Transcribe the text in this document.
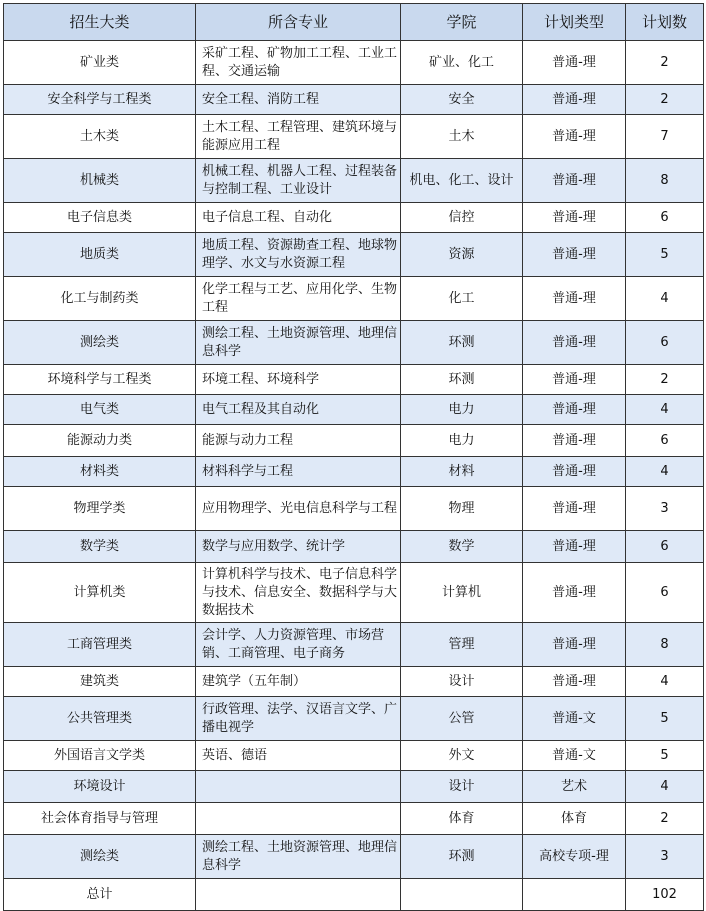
招生大类	所含专业	学院	计划类型	计划数
矿业类	采矿工程、矿物加工工程、工业工程、交通运输	矿业、化工	普通-理	2
安全科学与工程类	安全工程、消防工程	安全	普通-理	2
土木类	土木工程、工程管理、建筑环境与能源应用工程	土木	普通-理	7
机械类	机械工程、机器人工程、过程装备与控制工程、工业设计	机电、化工、设计	普通-理	8
电子信息类	电子信息工程、自动化	信控	普通-理	6
地质类	地质工程、资源勘查工程、地球物理学、水文与水资源工程	资源	普通-理	5
化工与制药类	化学工程与工艺、应用化学、生物工程	化工	普通-理	4
测绘类	测绘工程、土地资源管理、地理信息科学	环测	普通-理	6
环境科学与工程类	环境工程、环境科学	环测	普通-理	2
电气类	电气工程及其自动化	电力	普通-理	4
能源动力类	能源与动力工程	电力	普通-理	6
材料类	材料科学与工程	材料	普通-理	4
物理学类	应用物理学、光电信息科学与工程	物理	普通-理	3
数学类	数学与应用数学、统计学	数学	普通-理	6
计算机类	计算机科学与技术、电子信息科学与技术、信息安全、数据科学与大数据技术	计算机	普通-理	6
工商管理类	会计学、人力资源管理、市场营销、工商管理、电子商务	管理	普通-理	8
建筑类	建筑学（五年制）	设计	普通-理	4
公共管理类	行政管理、法学、汉语言文学、广播电视学	公管	普通-文	5
外国语言文学类	英语、德语	外文	普通-文	5
环境设计		设计	艺术	4
社会体育指导与管理		体育	体育	2
测绘类	测绘工程、土地资源管理、地理信息科学	环测	高校专项-理	3
总计				102
